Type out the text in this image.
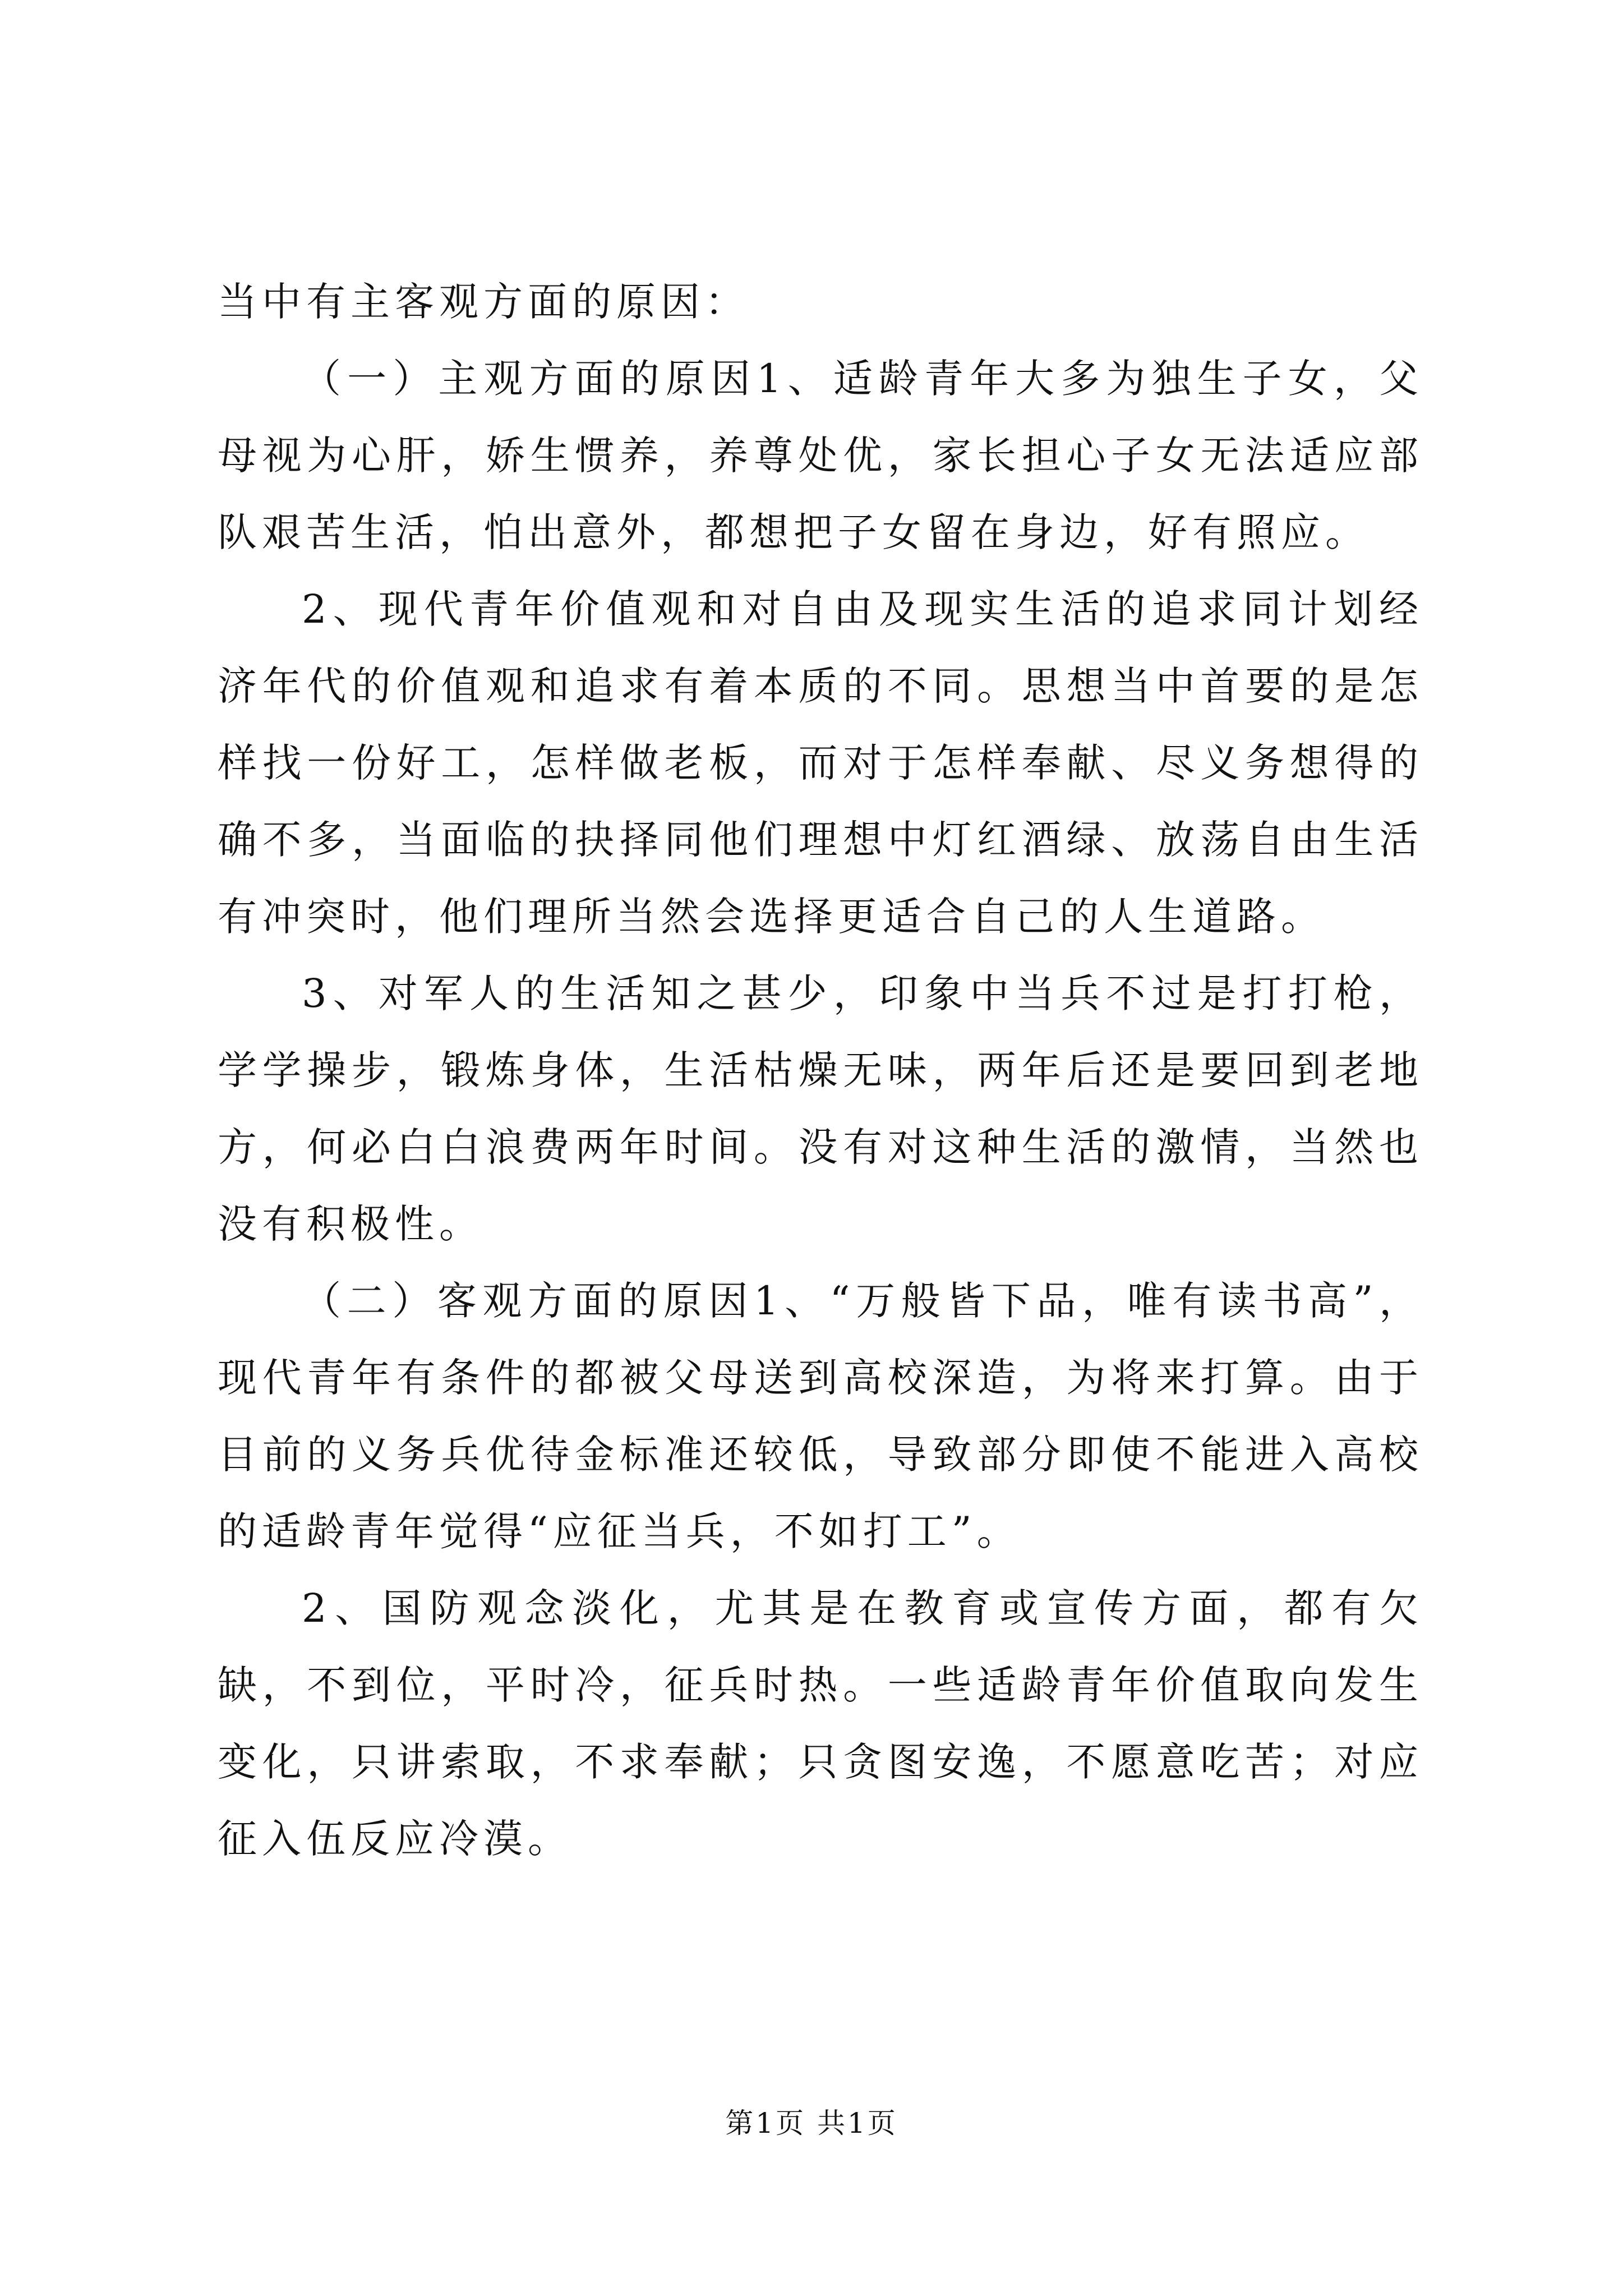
当中有主客观方面的原因：

（一）主观方面的原因1、适龄青年大多为独生子女，父母视为心肝，娇生惯养，养尊处优，家长担心子女无法适应部队艰苦生活，怕出意外，都想把子女留在身边，好有照应。

2、现代青年价值观和对自由及现实生活的追求同计划经济年代的价值观和追求有着本质的不同。思想当中首要的是怎样找一份好工，怎样做老板，而对于怎样奉献、尽义务想得的确不多，当面临的抉择同他们理想中灯红酒绿、放荡自由生活有冲突时，他们理所当然会选择更适合自己的人生道路。

3、对军人的生活知之甚少，印象中当兵不过是打打枪，学学操步，锻炼身体，生活枯燥无味，两年后还是要回到老地方，何必白白浪费两年时间。没有对这种生活的激情，当然也没有积极性。

（二）客观方面的原因1、“万般皆下品，唯有读书高”，现代青年有条件的都被父母送到高校深造，为将来打算。由于目前的义务兵优待金标准还较低，导致部分即使不能进入高校的适龄青年觉得“应征当兵，不如打工”。

2、国防观念淡化，尤其是在教育或宣传方面，都有欠缺，不到位，平时冷，征兵时热。一些适龄青年价值取向发生变化，只讲索取，不求奉献；只贪图安逸，不愿意吃苦；对应征入伍反应冷漠。

第1页 共1页
